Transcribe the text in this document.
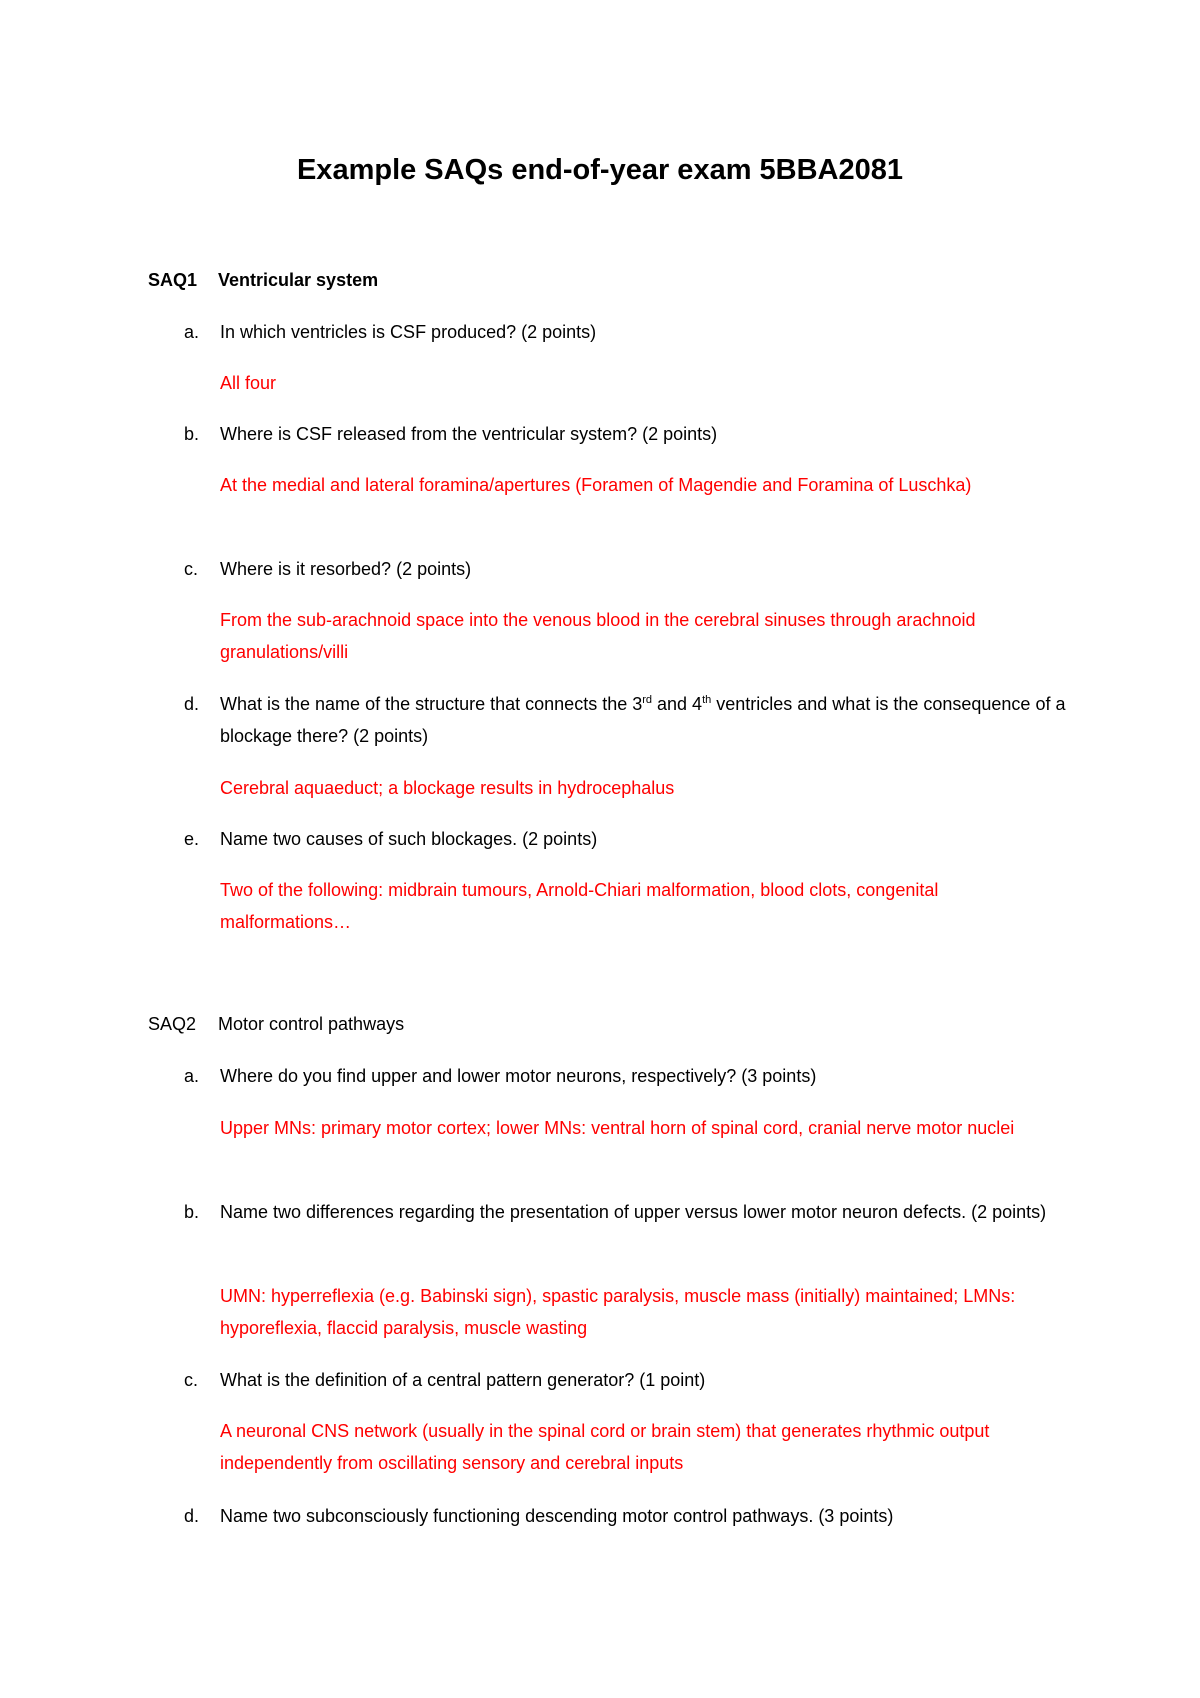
Example SAQs end-of-year exam 5BBA2081
SAQ1	Ventricular system
a.	In which ventricles is CSF produced? (2 points)
All four
b.	Where is CSF released from the ventricular system? (2 points)
At the medial and lateral foramina/apertures (Foramen of Magendie and Foramina of Luschka)
c.	Where is it resorbed? (2 points)
From the sub-arachnoid space into the venous blood in the cerebral sinuses through arachnoid granulations/villi
d.	What is the name of the structure that connects the 3rd and 4th ventricles and what is the consequence of a blockage there? (2 points)
Cerebral aquaeduct; a blockage results in hydrocephalus
e.	Name two causes of such blockages. (2 points)
Two of the following: midbrain tumours, Arnold-Chiari malformation, blood clots, congenital malformations…
SAQ2	Motor control pathways
a.	Where do you find upper and lower motor neurons, respectively? (3 points)
Upper MNs: primary motor cortex; lower MNs: ventral horn of spinal cord, cranial nerve motor nuclei
b.	Name two differences regarding the presentation of upper versus lower motor neuron defects. (2 points)
UMN: hyperreflexia (e.g. Babinski sign), spastic paralysis, muscle mass (initially) maintained; LMNs: hyporeflexia, flaccid paralysis, muscle wasting
c.	What is the definition of a central pattern generator? (1 point)
A neuronal CNS network (usually in the spinal cord or brain stem) that generates rhythmic output independently from oscillating sensory and cerebral inputs
d.	Name two subconsciously functioning descending motor control pathways. (3 points)
